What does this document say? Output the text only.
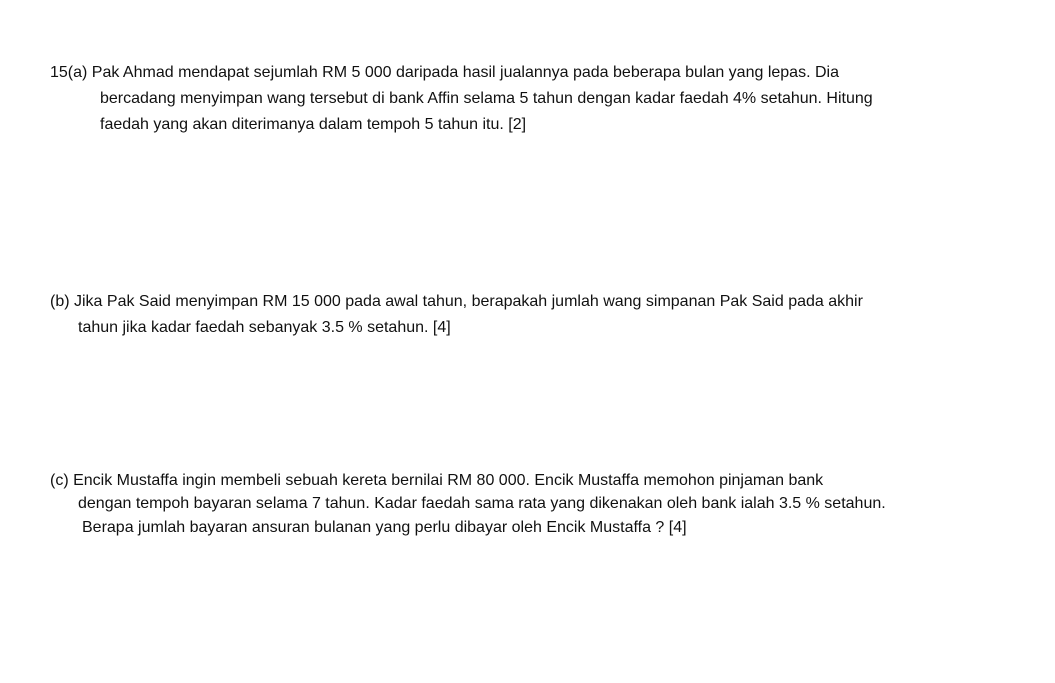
15(a) Pak Ahmad mendapat sejumlah RM 5 000 daripada hasil jualannya pada beberapa bulan yang lepas. Dia
bercadang menyimpan wang tersebut di bank Affin selama 5 tahun dengan kadar faedah 4% setahun. Hitung
faedah yang akan diterimanya dalam tempoh 5 tahun itu. [2]
(b) Jika Pak Said menyimpan RM 15 000 pada awal tahun, berapakah jumlah wang simpanan Pak Said pada akhir
tahun jika kadar faedah sebanyak 3.5 % setahun. [4]
(c) Encik Mustaffa ingin membeli sebuah kereta bernilai RM 80 000. Encik Mustaffa memohon pinjaman bank
dengan tempoh bayaran selama 7 tahun. Kadar faedah sama rata yang dikenakan oleh bank ialah 3.5 % setahun.
Berapa jumlah bayaran ansuran bulanan yang perlu dibayar oleh Encik Mustaffa ? [4]
